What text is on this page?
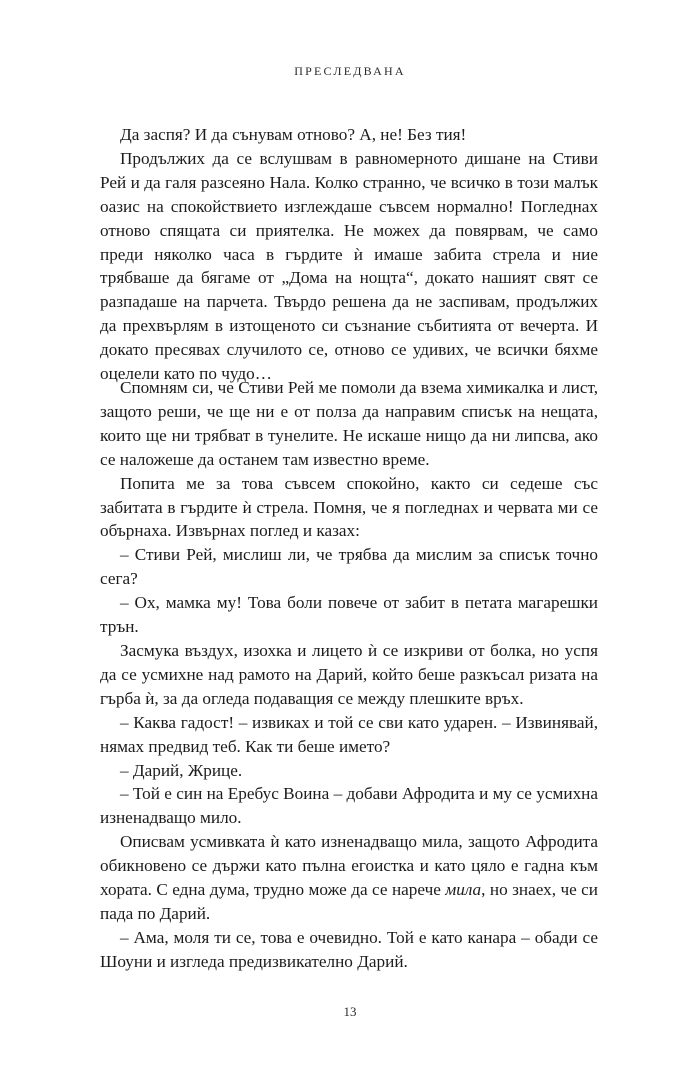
ПРЕСЛЕДВАНА

Да заспя? И да сънувам отново? А, не! Без тия!

Продължих да се вслушвам в равномерното дишане на Стиви Рей и да галя разсеяно Нала. Колко странно, че всичко в този малък оазис на спокойствието изглеждаше съвсем нормално! Погледнах отново спящата си приятелка. Не можех да повярвам, че само преди няколко часа в гърдите ѝ имаше забита стрела и ние трябваше да бягаме от „Дома на нощта“, докато нашият свят се разпадаше на парчета. Твърдо решена да не заспивам, продължих да прехвърлям в изтощеното си съзнание събитията от вечерта. И докато пресявах случилото се, отново се удивих, че всички бяхме оцелели като по чудо…

Спомням си, че Стиви Рей ме помоли да взема химикалка и лист, защото реши, че ще ни е от полза да направим списък на нещата, които ще ни трябват в тунелите. Не искаше нищо да ни липсва, ако се наложеше да останем там известно време.

Попита ме за това съвсем спокойно, както си седеше със забитата в гърдите ѝ стрела. Помня, че я погледнах и червата ми се обърнаха. Извърнах поглед и казах:

– Стиви Рей, мислиш ли, че трябва да мислим за списък точно сега?

– Ох, мамка му! Това боли повече от забит в петата магарешки трън.

Засмука въздух, изохка и лицето ѝ се изкриви от болка, но успя да се усмихне над рамото на Дарий, който беше разкъсал ризата на гърба ѝ, за да огледа подаващия се между плешките връх.

– Каква гадост! – извиках и той се сви като ударен. – Извинявай, нямах предвид теб. Как ти беше името?

– Дарий, Жрице.

– Той е син на Еребус Воина – добави Афродита и му се усмихна изненадващо мило.

Описвам усмивката ѝ като изненадващо мила, защото Афродита обикновено се държи като пълна егоистка и като цяло е гадна към хората. С една дума, трудно може да се нарече мила, но знаех, че си пада по Дарий.

– Ама, моля ти се, това е очевидно. Той е като канара – обади се Шоуни и изгледа предизвикателно Дарий.

13
